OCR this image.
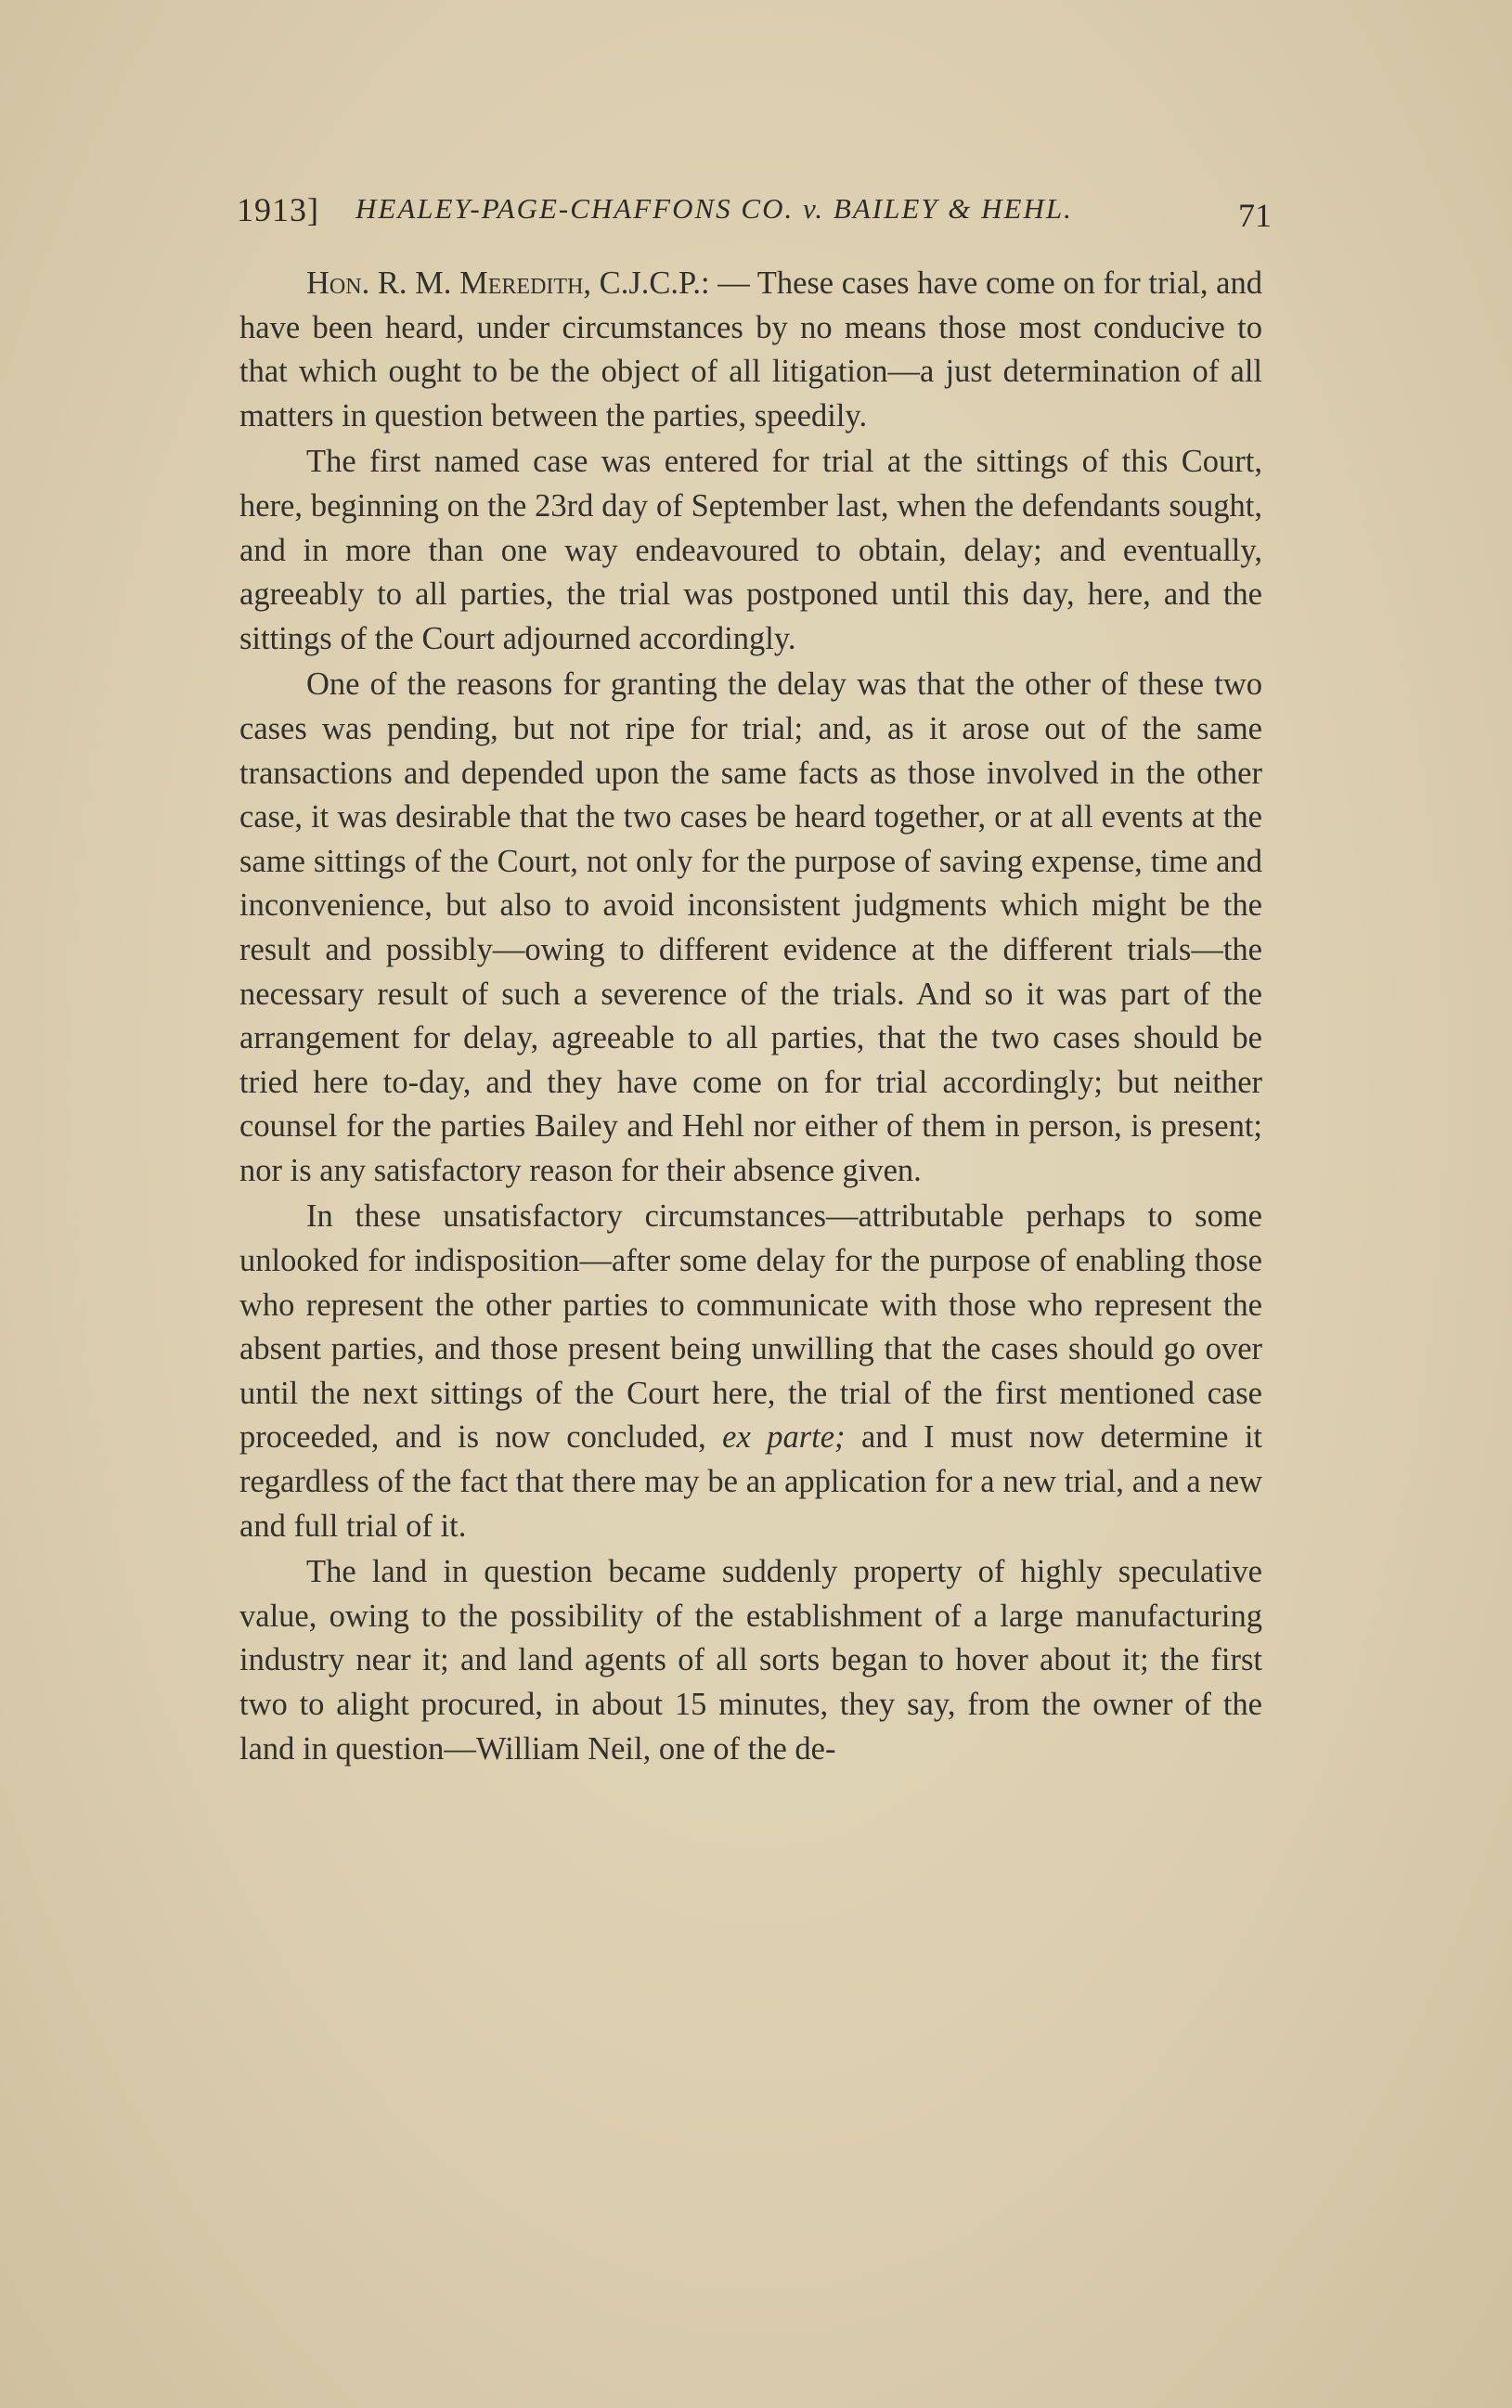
1913] HEALEY-PAGE-CHAFFONS CO. v. BAILEY & HEHL.	71

Hon. R. M. Meredith, C.J.C.P.: — These cases have come on for trial, and have been heard, under circumstances by no means those most conducive to that which ought to be the object of all litigation—a just determination of all matters in question between the parties, speedily.

The first named case was entered for trial at the sittings of this Court, here, beginning on the 23rd day of September last, when the defendants sought, and in more than one way endeavoured to obtain, delay; and eventually, agreeably to all parties, the trial was postponed until this day, here, and the sittings of the Court adjourned accordingly.

One of the reasons for granting the delay was that the other of these two cases was pending, but not ripe for trial; and, as it arose out of the same transactions and depended upon the same facts as those involved in the other case, it was desirable that the two cases be heard together, or at all events at the same sittings of the Court, not only for the purpose of saving expense, time and inconvenience, but also to avoid inconsistent judgments which might be the result and possibly—owing to different evidence at the different trials—the necessary result of such a severence of the trials. And so it was part of the arrangement for delay, agreeable to all parties, that the two cases should be tried here to-day, and they have come on for trial accordingly; but neither counsel for the parties Bailey and Hehl nor either of them in person, is present; nor is any satisfactory reason for their absence given.

In these unsatisfactory circumstances—attributable perhaps to some unlooked for indisposition—after some delay for the purpose of enabling those who represent the other parties to communicate with those who represent the absent parties, and those present being unwilling that the cases should go over until the next sittings of the Court here, the trial of the first mentioned case proceeded, and is now concluded, ex parte; and I must now determine it regardless of the fact that there may be an application for a new trial, and a new and full trial of it.

The land in question became suddenly property of highly speculative value, owing to the possibility of the establishment of a large manufacturing industry near it; and land agents of all sorts began to hover about it; the first two to alight procured, in about 15 minutes, they say, from the owner of the land in question—William Neil, one of the de-
